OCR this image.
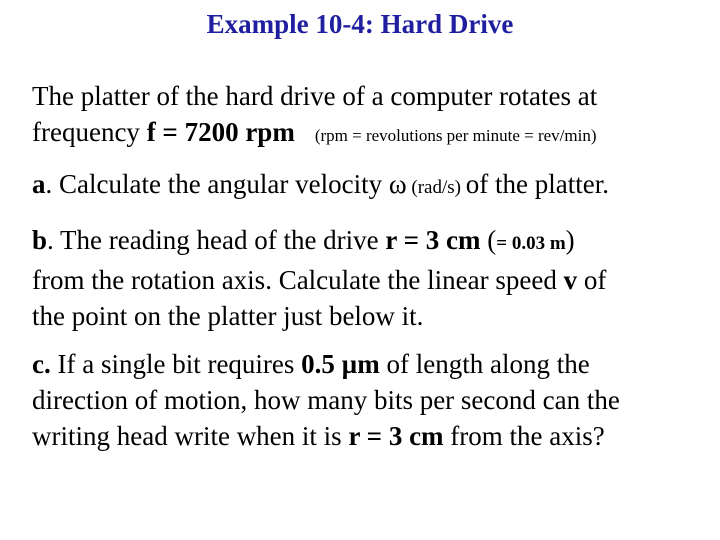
Example 10-4: Hard Drive
The platter of the hard drive of a computer rotates at
frequency f = 7200 rpm (rpm = revolutions per minute = rev/min)
a. Calculate the angular velocity ω (rad/s) of the platter.
b. The reading head of the drive r = 3 cm (= 0.03 m)
from the rotation axis. Calculate the linear speed v of
the point on the platter just below it.
c. If a single bit requires 0.5 µm of length along the
direction of motion, how many bits per second can the
writing head write when it is r = 3 cm from the axis?
